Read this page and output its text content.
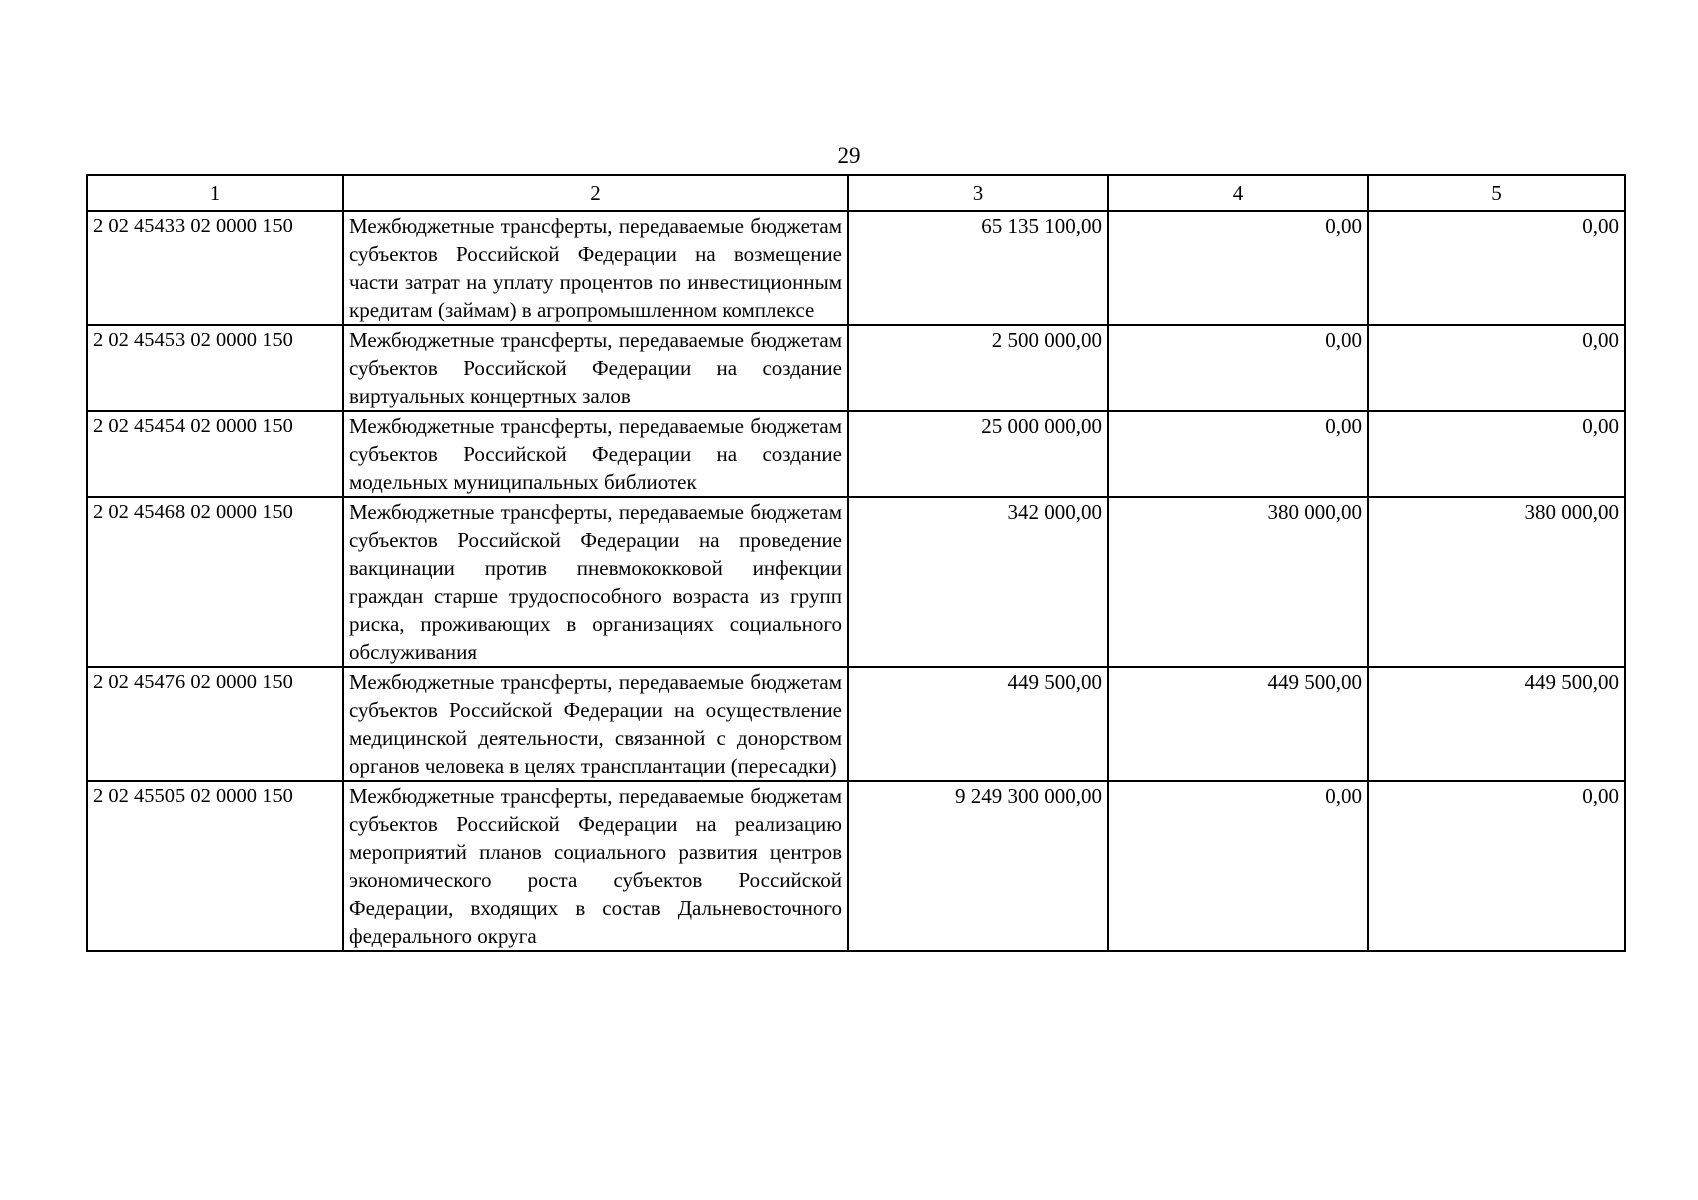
29
1	2	3	4	5
2 02 45433 02 0000 150	Межбюджетные трансферты, передаваемые бюджетам субъектов Российской Федерации на возмещение части затрат на уплату процентов по инвестиционным кредитам (займам) в агропромышленном комплексе	65 135 100,00	0,00	0,00
2 02 45453 02 0000 150	Межбюджетные трансферты, передаваемые бюджетам субъектов Российской Федерации на создание виртуальных концертных залов	2 500 000,00	0,00	0,00
2 02 45454 02 0000 150	Межбюджетные трансферты, передаваемые бюджетам субъектов Российской Федерации на создание модельных муниципальных библиотек	25 000 000,00	0,00	0,00
2 02 45468 02 0000 150	Межбюджетные трансферты, передаваемые бюджетам субъектов Российской Федерации на проведение вакцинации против пневмококковой инфекции граждан старше трудоспособного возраста из групп риска, проживающих в организациях социального обслуживания	342 000,00	380 000,00	380 000,00
2 02 45476 02 0000 150	Межбюджетные трансферты, передаваемые бюджетам субъектов Российской Федерации на осуществление медицинской деятельности, связанной с донорством органов человека в целях трансплантации (пересадки)	449 500,00	449 500,00	449 500,00
2 02 45505 02 0000 150	Межбюджетные трансферты, передаваемые бюджетам субъектов Российской Федерации на реализацию мероприятий планов социального развития центров экономического роста субъектов Российской Федерации, входящих в состав Дальневосточного федерального округа	9 249 300 000,00	0,00	0,00
